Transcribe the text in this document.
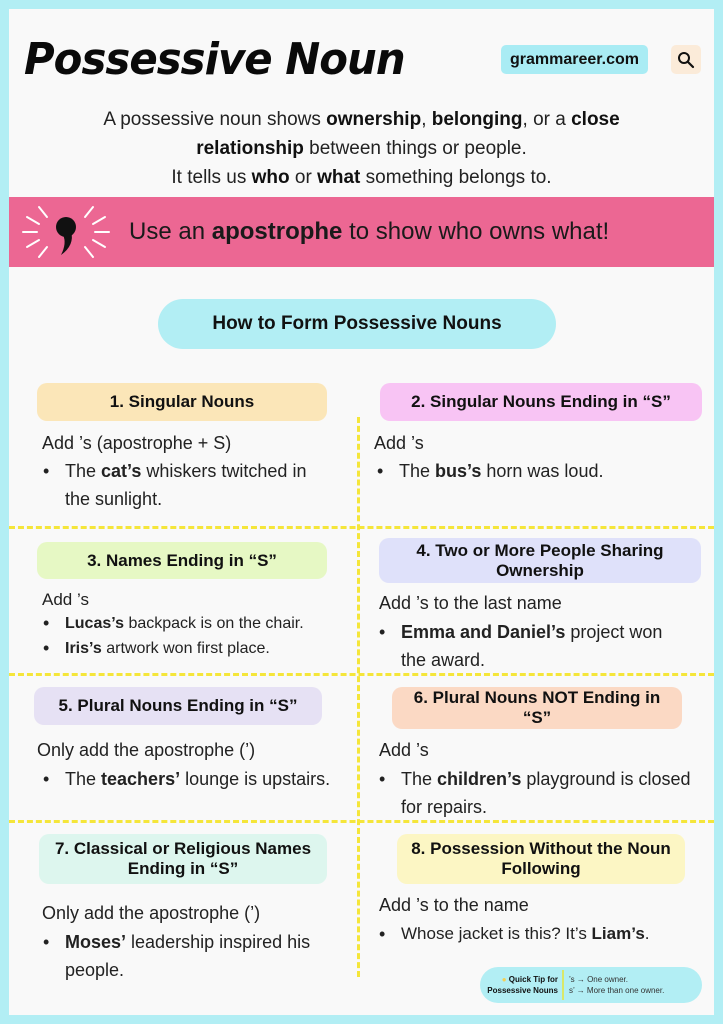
Possessive Noun	grammareer.com
A possessive noun shows ownership, belonging, or a close
relationship between things or people.
It tells us who or what something belongs to.
Use an apostrophe to show who owns what!
How to Form Possessive Nouns
1. Singular Nouns
Add ’s (apostrophe + S)
• The cat’s whiskers twitched in the sunlight.
2. Singular Nouns Ending in “S”
Add ’s
• The bus’s horn was loud.
3. Names Ending in “S”
Add ’s
• Lucas’s backpack is on the chair.
• Iris’s artwork won first place.
4. Two or More People Sharing Ownership
Add ’s to the last name
• Emma and Daniel’s project won the award.
5. Plural Nouns Ending in “S”
Only add the apostrophe (’)
• The teachers’ lounge is upstairs.
6. Plural Nouns NOT Ending in “S”
Add ’s
• The children’s playground is closed for repairs.
7. Classical or Religious Names Ending in “S”
Only add the apostrophe (’)
• Moses’ leadership inspired his people.
8. Possession Without the Noun Following
Add ’s to the name
• Whose jacket is this? It’s Liam’s.
● Quick Tip for
Possessive Nouns
’s → One owner.
s’ → More than one owner.
